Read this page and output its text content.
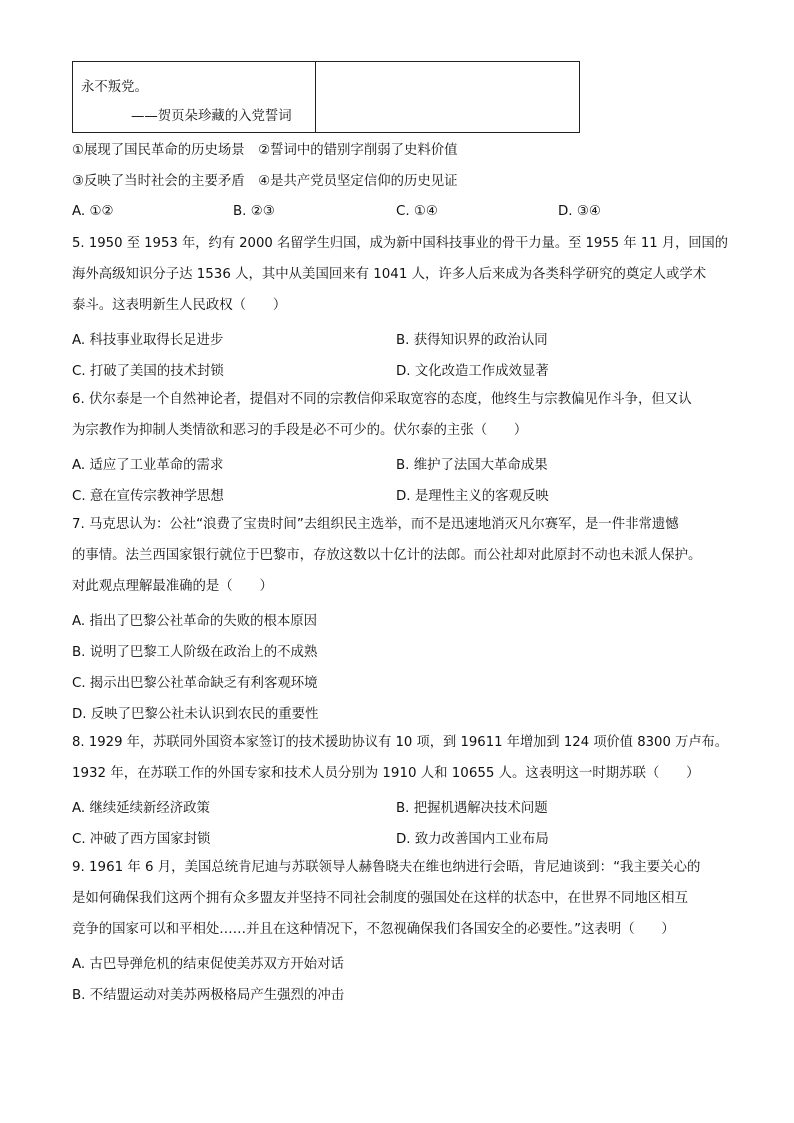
永不叛党。
——贺页朵珍藏的入党誓词
①展现了国民革命的历史场景　②誓词中的错别字削弱了史料价值
③反映了当时社会的主要矛盾　④是共产党员坚定信仰的历史见证
A. ①②	B. ②③	C. ①④	D. ③④
5. 1950 至 1953 年，约有 2000 名留学生归国，成为新中国科技事业的骨干力量。至 1955 年 11 月，回国的
海外高级知识分子达 1536 人，其中从美国回来有 1041 人，许多人后来成为各类科学研究的奠定人或学术
泰斗。这表明新生人民政权（　　）
A. 科技事业取得长足进步	B. 获得知识界的政治认同
C. 打破了美国的技术封锁	D. 文化改造工作成效显著
6. 伏尔泰是一个自然神论者，提倡对不同的宗教信仰采取宽容的态度，他终生与宗教偏见作斗争，但又认
为宗教作为抑制人类情欲和恶习的手段是必不可少的。伏尔泰的主张（　　）
A. 适应了工业革命的需求	B. 维护了法国大革命成果
C. 意在宣传宗教神学思想	D. 是理性主义的客观反映
7. 马克思认为：公社“浪费了宝贵时间”去组织民主选举，而不是迅速地消灭凡尔赛军，是一件非常遗憾
的事情。法兰西国家银行就位于巴黎市，存放这数以十亿计的法郎。而公社却对此原封不动也未派人保护。
对此观点理解最准确的是（　　）
A. 指出了巴黎公社革命的失败的根本原因
B. 说明了巴黎工人阶级在政治上的不成熟
C. 揭示出巴黎公社革命缺乏有利客观环境
D. 反映了巴黎公社未认识到农民的重要性
8. 1929 年，苏联同外国资本家签订的技术援助协议有 10 项，到 19611 年增加到 124 项价值 8300 万卢布。
1932 年，在苏联工作的外国专家和技术人员分别为 1910 人和 10655 人。这表明这一时期苏联（　　）
A. 继续延续新经济政策	B. 把握机遇解决技术问题
C. 冲破了西方国家封锁	D. 致力改善国内工业布局
9. 1961 年 6 月，美国总统肯尼迪与苏联领导人赫鲁晓夫在维也纳进行会晤，肯尼迪谈到：“我主要关心的
是如何确保我们这两个拥有众多盟友并坚持不同社会制度的强国处在这样的状态中，在世界不同地区相互
竞争的国家可以和平相处……并且在这种情况下，不忽视确保我们各国安全的必要性。”这表明（　　）
A. 古巴导弹危机的结束促使美苏双方开始对话
B. 不结盟运动对美苏两极格局产生强烈的冲击
